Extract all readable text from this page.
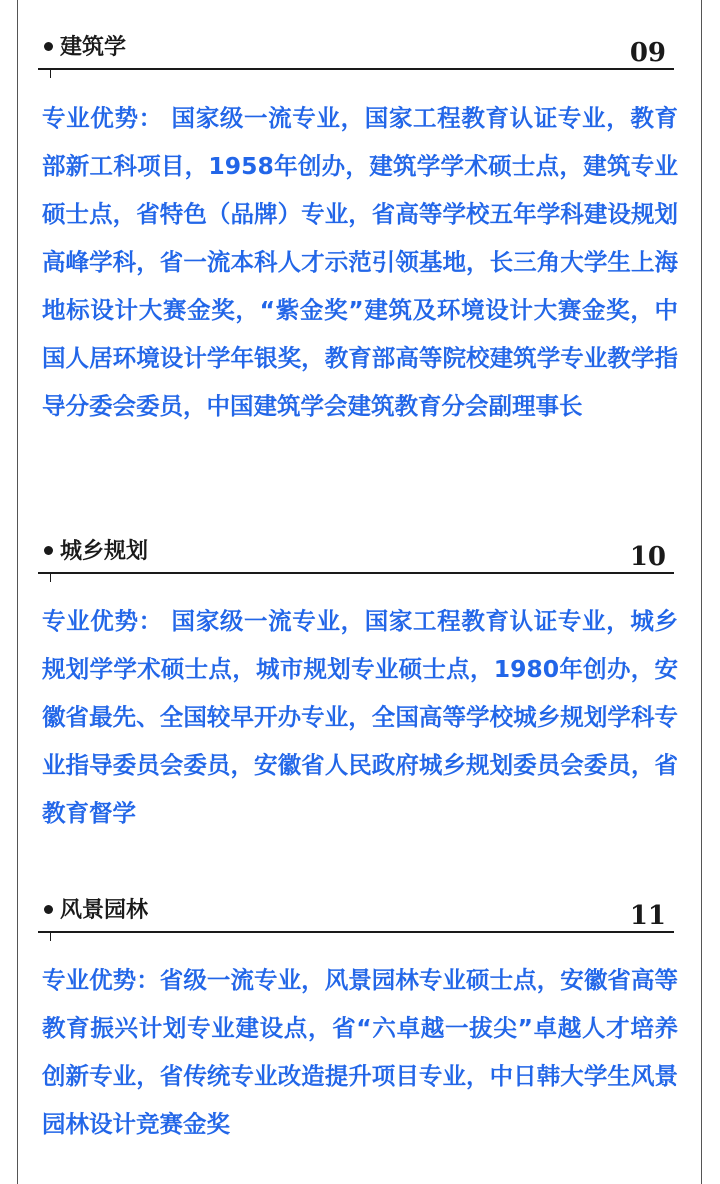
建筑学	09
专业优势： 国家级一流专业，国家工程教育认证专业，教育部新工科项目，1958年创办，建筑学学术硕士点，建筑专业硕士点，省特色（品牌）专业，省高等学校五年学科建设规划高峰学科，省一流本科人才示范引领基地，长三角大学生上海地标设计大赛金奖，“紫金奖”建筑及环境设计大赛金奖，中国人居环境设计学年银奖，教育部高等院校建筑学专业教学指导分委会委员，中国建筑学会建筑教育分会副理事长
城乡规划	10
专业优势： 国家级一流专业，国家工程教育认证专业，城乡规划学学术硕士点，城市规划专业硕士点，1980年创办，安徽省最先、全国较早开办专业，全国高等学校城乡规划学科专业指导委员会委员，安徽省人民政府城乡规划委员会委员，省教育督学
风景园林	11
专业优势：省级一流专业，风景园林专业硕士点，安徽省高等教育振兴计划专业建设点，省“六卓越一拔尖”卓越人才培养创新专业，省传统专业改造提升项目专业，中日韩大学生风景园林设计竞赛金奖
